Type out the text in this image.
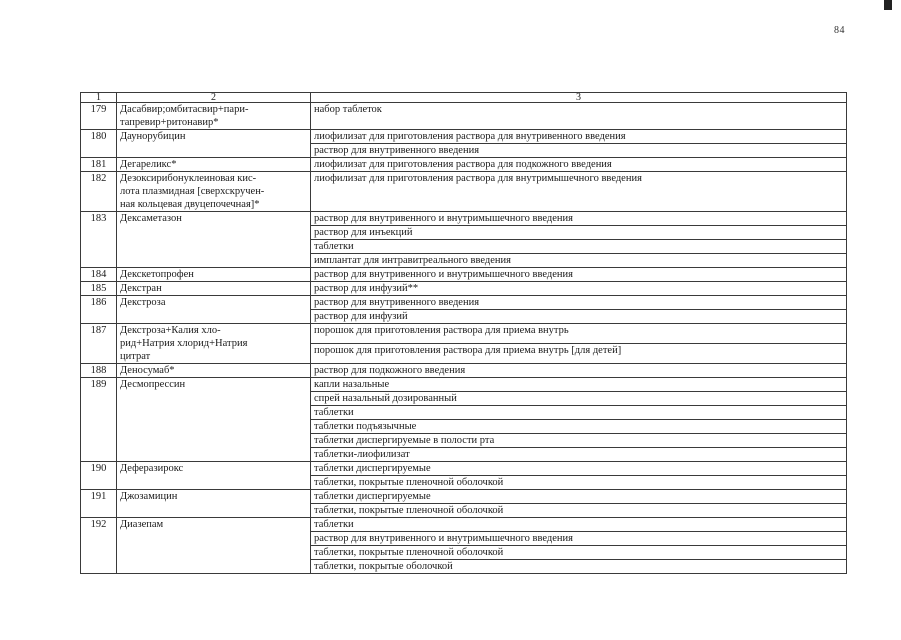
84
1	2	3
179	Дасабвир;омбитасвир+пари-
тапревир+ритонавир*	набор таблеток
180	Даунорубицин	лиофилизат для приготовления раствора для внутривенного введения
		раствор для внутривенного введения
181	Дегареликс*	лиофилизат для приготовления раствора для подкожного введения
182	Дезоксирибонуклеиновая кис-
лота плазмидная [сверхскручен-
ная кольцевая двуцепочечная]*	лиофилизат для приготовления раствора для внутримышечного введения
183	Дексаметазон	раствор для внутривенного и внутримышечного введения
		раствор для инъекций
		таблетки
		имплантат для интравитреального введения
184	Декскетопрофен	раствор для внутривенного и внутримышечного введения
185	Декстран	раствор для инфузий**
186	Декстроза	раствор для внутривенного введения
		раствор для инфузий
187	Декстроза+Калия хло-
рид+Натрия хлорид+Натрия
цитрат	порошок для приготовления раствора для приема внутрь
		порошок для приготовления раствора для приема внутрь [для детей]
188	Деносумаб*	раствор для подкожного введения
189	Десмопрессин	капли назальные
		спрей назальный дозированный
		таблетки
		таблетки подъязычные
		таблетки диспергируемые в полости рта
		таблетки-лиофилизат
190	Деферазирокс	таблетки диспергируемые
		таблетки, покрытые пленочной оболочкой
191	Джозамицин	таблетки диспергируемые
		таблетки, покрытые пленочной оболочкой
192	Диазепам	таблетки
		раствор для внутривенного и внутримышечного введения
		таблетки, покрытые пленочной оболочкой
		таблетки, покрытые оболочкой
